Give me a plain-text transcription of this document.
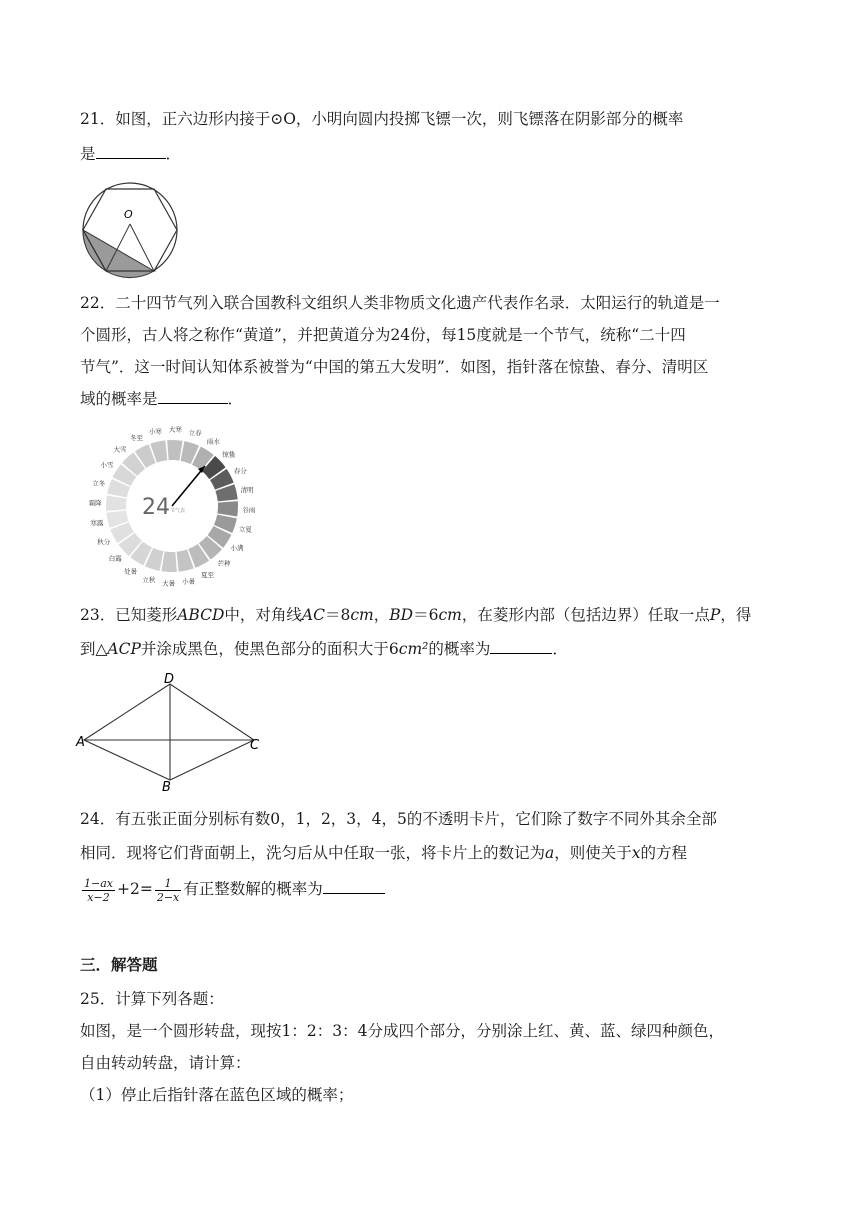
21．如图，正六边形内接于⊙O，小明向圆内投掷飞镖一次，则飞镖落在阴影部分的概率
是	．
O
22．二十四节气列入联合国教科文组织人类非物质文化遗产代表作名录．太阳运行的轨道是一
个圆形，古人将之称作“黄道”，并把黄道分为24份，每15度就是一个节气，统称“二十四
节气”．这一时间认知体系被誉为“中国的第五大发明”．如图，指针落在惊蛰、春分、清明区
域的概率是	．
24 节气表
惊蛰
春分
清明
谷雨
立夏
小满
芒种
夏至
小暑
大暑
立秋
处暑
白露
秋分
寒露
霜降
立冬
小雪
大雪
冬至
小寒 大寒 立春
雨水
23．已知菱形ABCD中，对角线AC＝8cm，BD＝6cm，在菱形内部（包括边界）任取一点P，得
到△ACP并涂成黑色，使黑色部分的面积大于6cm²的概率为	．
D
A	C
B
24．有五张正面分别标有数0，1，2，3，4，5的不透明卡片，它们除了数字不同外其余全部
相同．现将它们背面朝上，洗匀后从中任取一张，将卡片上的数记为a，则使关于x的方程
$\frac{1-ax}{x-2} +2= \frac{1}{2-x}$ 有正整数解的概率为
三．解答题
25．计算下列各题：
如图，是一个圆形转盘，现按1：2：3：4分成四个部分，分别涂上红、黄、蓝、绿四种颜色，
自由转动转盘，请计算：
（1）停止后指针落在蓝色区域的概率；
